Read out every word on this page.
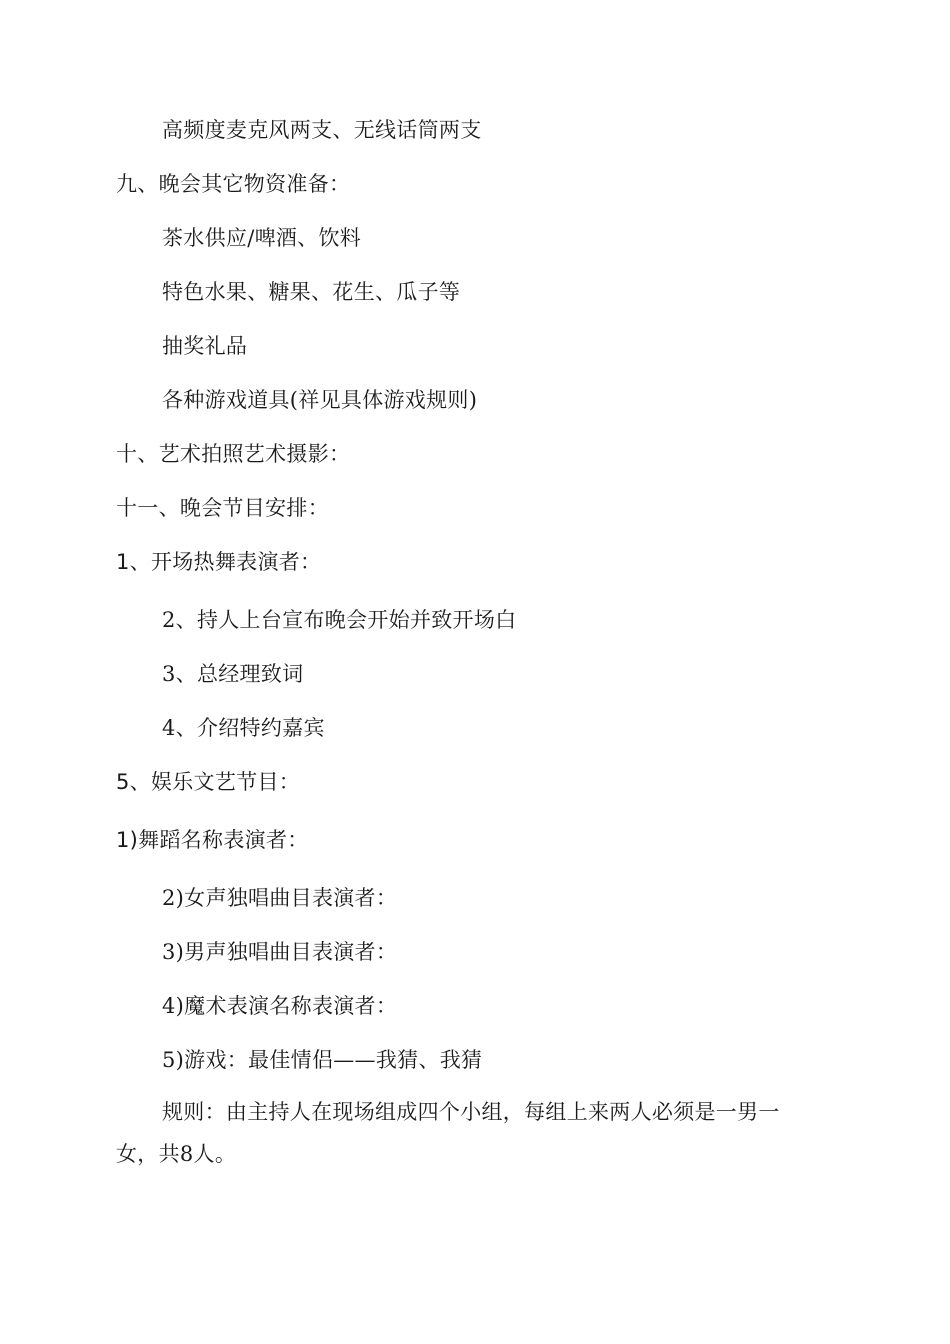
高频度麦克风两支、无线话筒两支
九、晚会其它物资准备：
茶水供应/啤酒、饮料
特色水果、糖果、花生、瓜子等
抽奖礼品
各种游戏道具(祥见具体游戏规则)
十、艺术拍照艺术摄影：
十一、晚会节目安排：
1、开场热舞表演者：
2、持人上台宣布晚会开始并致开场白
3、总经理致词
4、介绍特约嘉宾
5、娱乐文艺节目：
1)舞蹈名称表演者：
2)女声独唱曲目表演者：
3)男声独唱曲目表演者：
4)魔术表演名称表演者：
5)游戏：最佳情侣——我猜、我猜
规则：由主持人在现场组成四个小组，每组上来两人必须是一男一
女，共8人。
